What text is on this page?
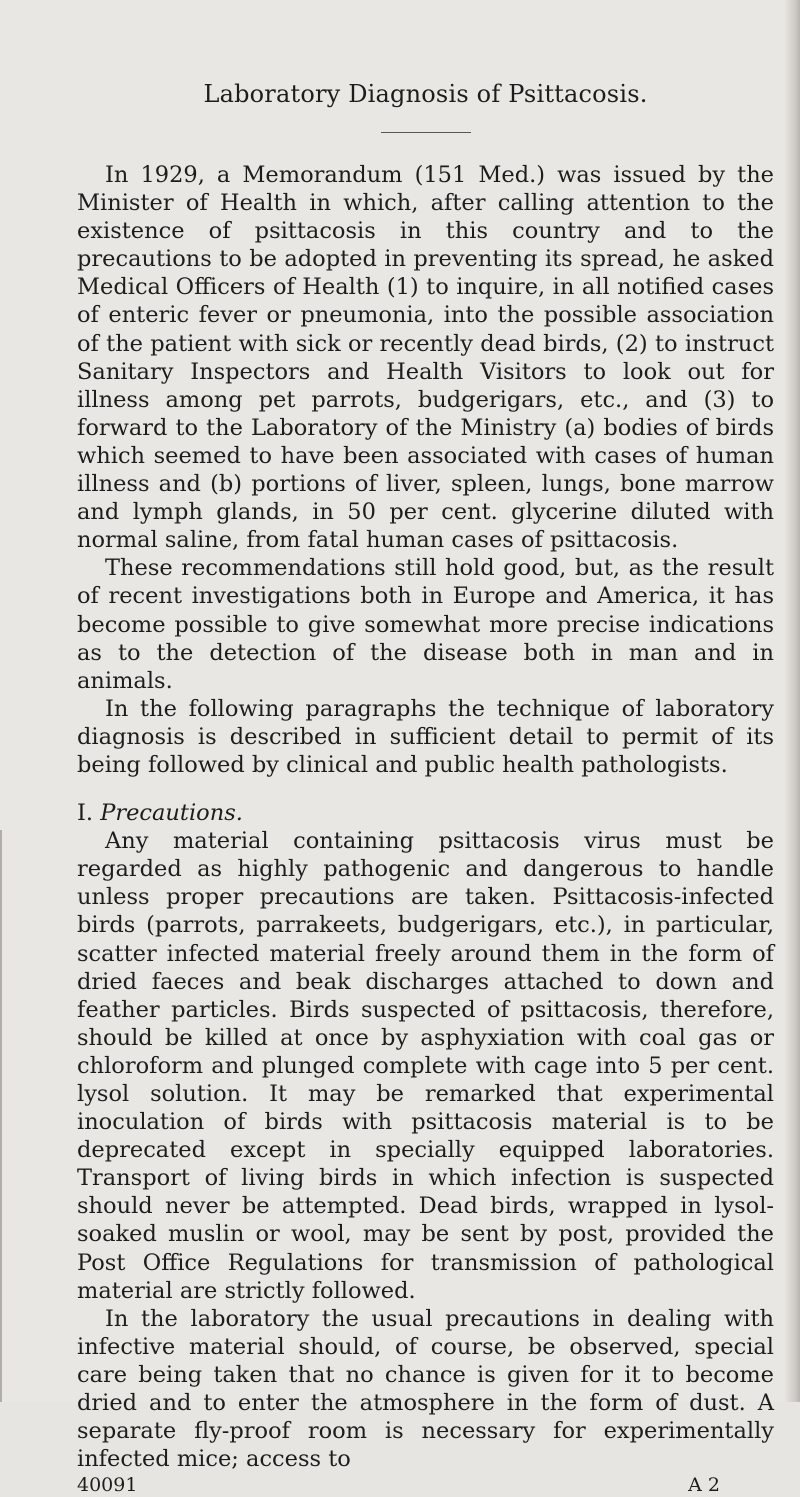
Laboratory Diagnosis of Psittacosis.

In 1929, a Memorandum (151 Med.) was issued by the Minister of Health in which, after calling attention to the existence of psittacosis in this country and to the precautions to be adopted in preventing its spread, he asked Medical Officers of Health (1) to inquire, in all notified cases of enteric fever or pneumonia, into the possible association of the patient with sick or recently dead birds, (2) to instruct Sanitary Inspectors and Health Visitors to look out for illness among pet parrots, budgerigars, etc., and (3) to forward to the Laboratory of the Ministry (a) bodies of birds which seemed to have been associated with cases of human illness and (b) portions of liver, spleen, lungs, bone marrow and lymph glands, in 50 per cent. glycerine diluted with normal saline, from fatal human cases of psittacosis.

These recommendations still hold good, but, as the result of recent investigations both in Europe and America, it has become possible to give somewhat more precise indications as to the detection of the disease both in man and in animals.

In the following paragraphs the technique of laboratory diagnosis is described in sufficient detail to permit of its being followed by clinical and public health pathologists.

I. Precautions.

Any material containing psittacosis virus must be regarded as highly pathogenic and dangerous to handle unless proper precautions are taken. Psittacosis-infected birds (parrots, parrakeets, budgerigars, etc.), in particular, scatter infected material freely around them in the form of dried faeces and beak discharges attached to down and feather particles. Birds suspected of psittacosis, therefore, should be killed at once by asphyxiation with coal gas or chloroform and plunged complete with cage into 5 per cent. lysol solution. It may be remarked that experimental inoculation of birds with psittacosis material is to be deprecated except in specially equipped laboratories. Transport of living birds in which infection is suspected should never be attempted. Dead birds, wrapped in lysol-soaked muslin or wool, may be sent by post, provided the Post Office Regulations for transmission of pathological material are strictly followed.

In the laboratory the usual precautions in dealing with infective material should, of course, be observed, special care being taken that no chance is given for it to become dried and to enter the atmosphere in the form of dust. A separate fly-proof room is necessary for experimentally infected mice; access to

40091	A 2
